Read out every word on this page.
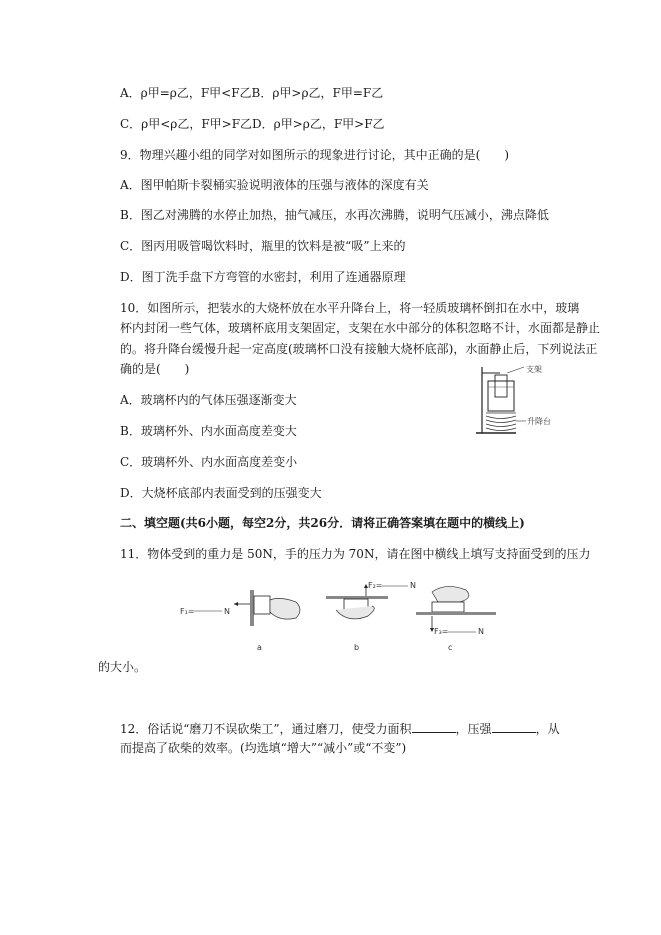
A．ρ甲=ρ乙，F甲<F乙B．ρ甲>ρ乙，F甲=F乙
C．ρ甲<ρ乙，F甲>F乙D．ρ甲>ρ乙，F甲>F乙
9．物理兴趣小组的同学对如图所示的现象进行讨论，其中正确的是(　　)
A．图甲帕斯卡裂桶实验说明液体的压强与液体的深度有关
B．图乙对沸腾的水停止加热，抽气减压，水再次沸腾，说明气压减小，沸点降低
C．图丙用吸管喝饮料时，瓶里的饮料是被“吸”上来的
D．图丁洗手盘下方弯管的水密封，利用了连通器原理
10．如图所示，把装水的大烧杯放在水平升降台上，将一轻质玻璃杯倒扣在水中，玻璃
杯内封闭一些气体，玻璃杯底用支架固定，支架在水中部分的体积忽略不计，水面都是静止
的。将升降台缓慢升起一定高度(玻璃杯口没有接触大烧杯底部)，水面静止后，下列说法正
确的是(　　)
A．玻璃杯内的气体压强逐渐变大
B．玻璃杯外、内水面高度差变大
C．玻璃杯外、内水面高度差变小
D．大烧杯底部内表面受到的压强变大
支架
升降台
二、填空题(共6小题，每空2分，共26分．请将正确答案填在题中的横线上)
11．物体受到的重力是 50N，手的压力为 70N，请在图中横线上填写支持面受到的压力
F₁=	N
a
F₂=	N
b
F₃=	N
c
的大小。
12．俗话说“磨刀不误砍柴工”，通过磨刀，使受力面积	，压强	，从
而提高了砍柴的效率。(均选填“增大”“减小”或“不变”)
